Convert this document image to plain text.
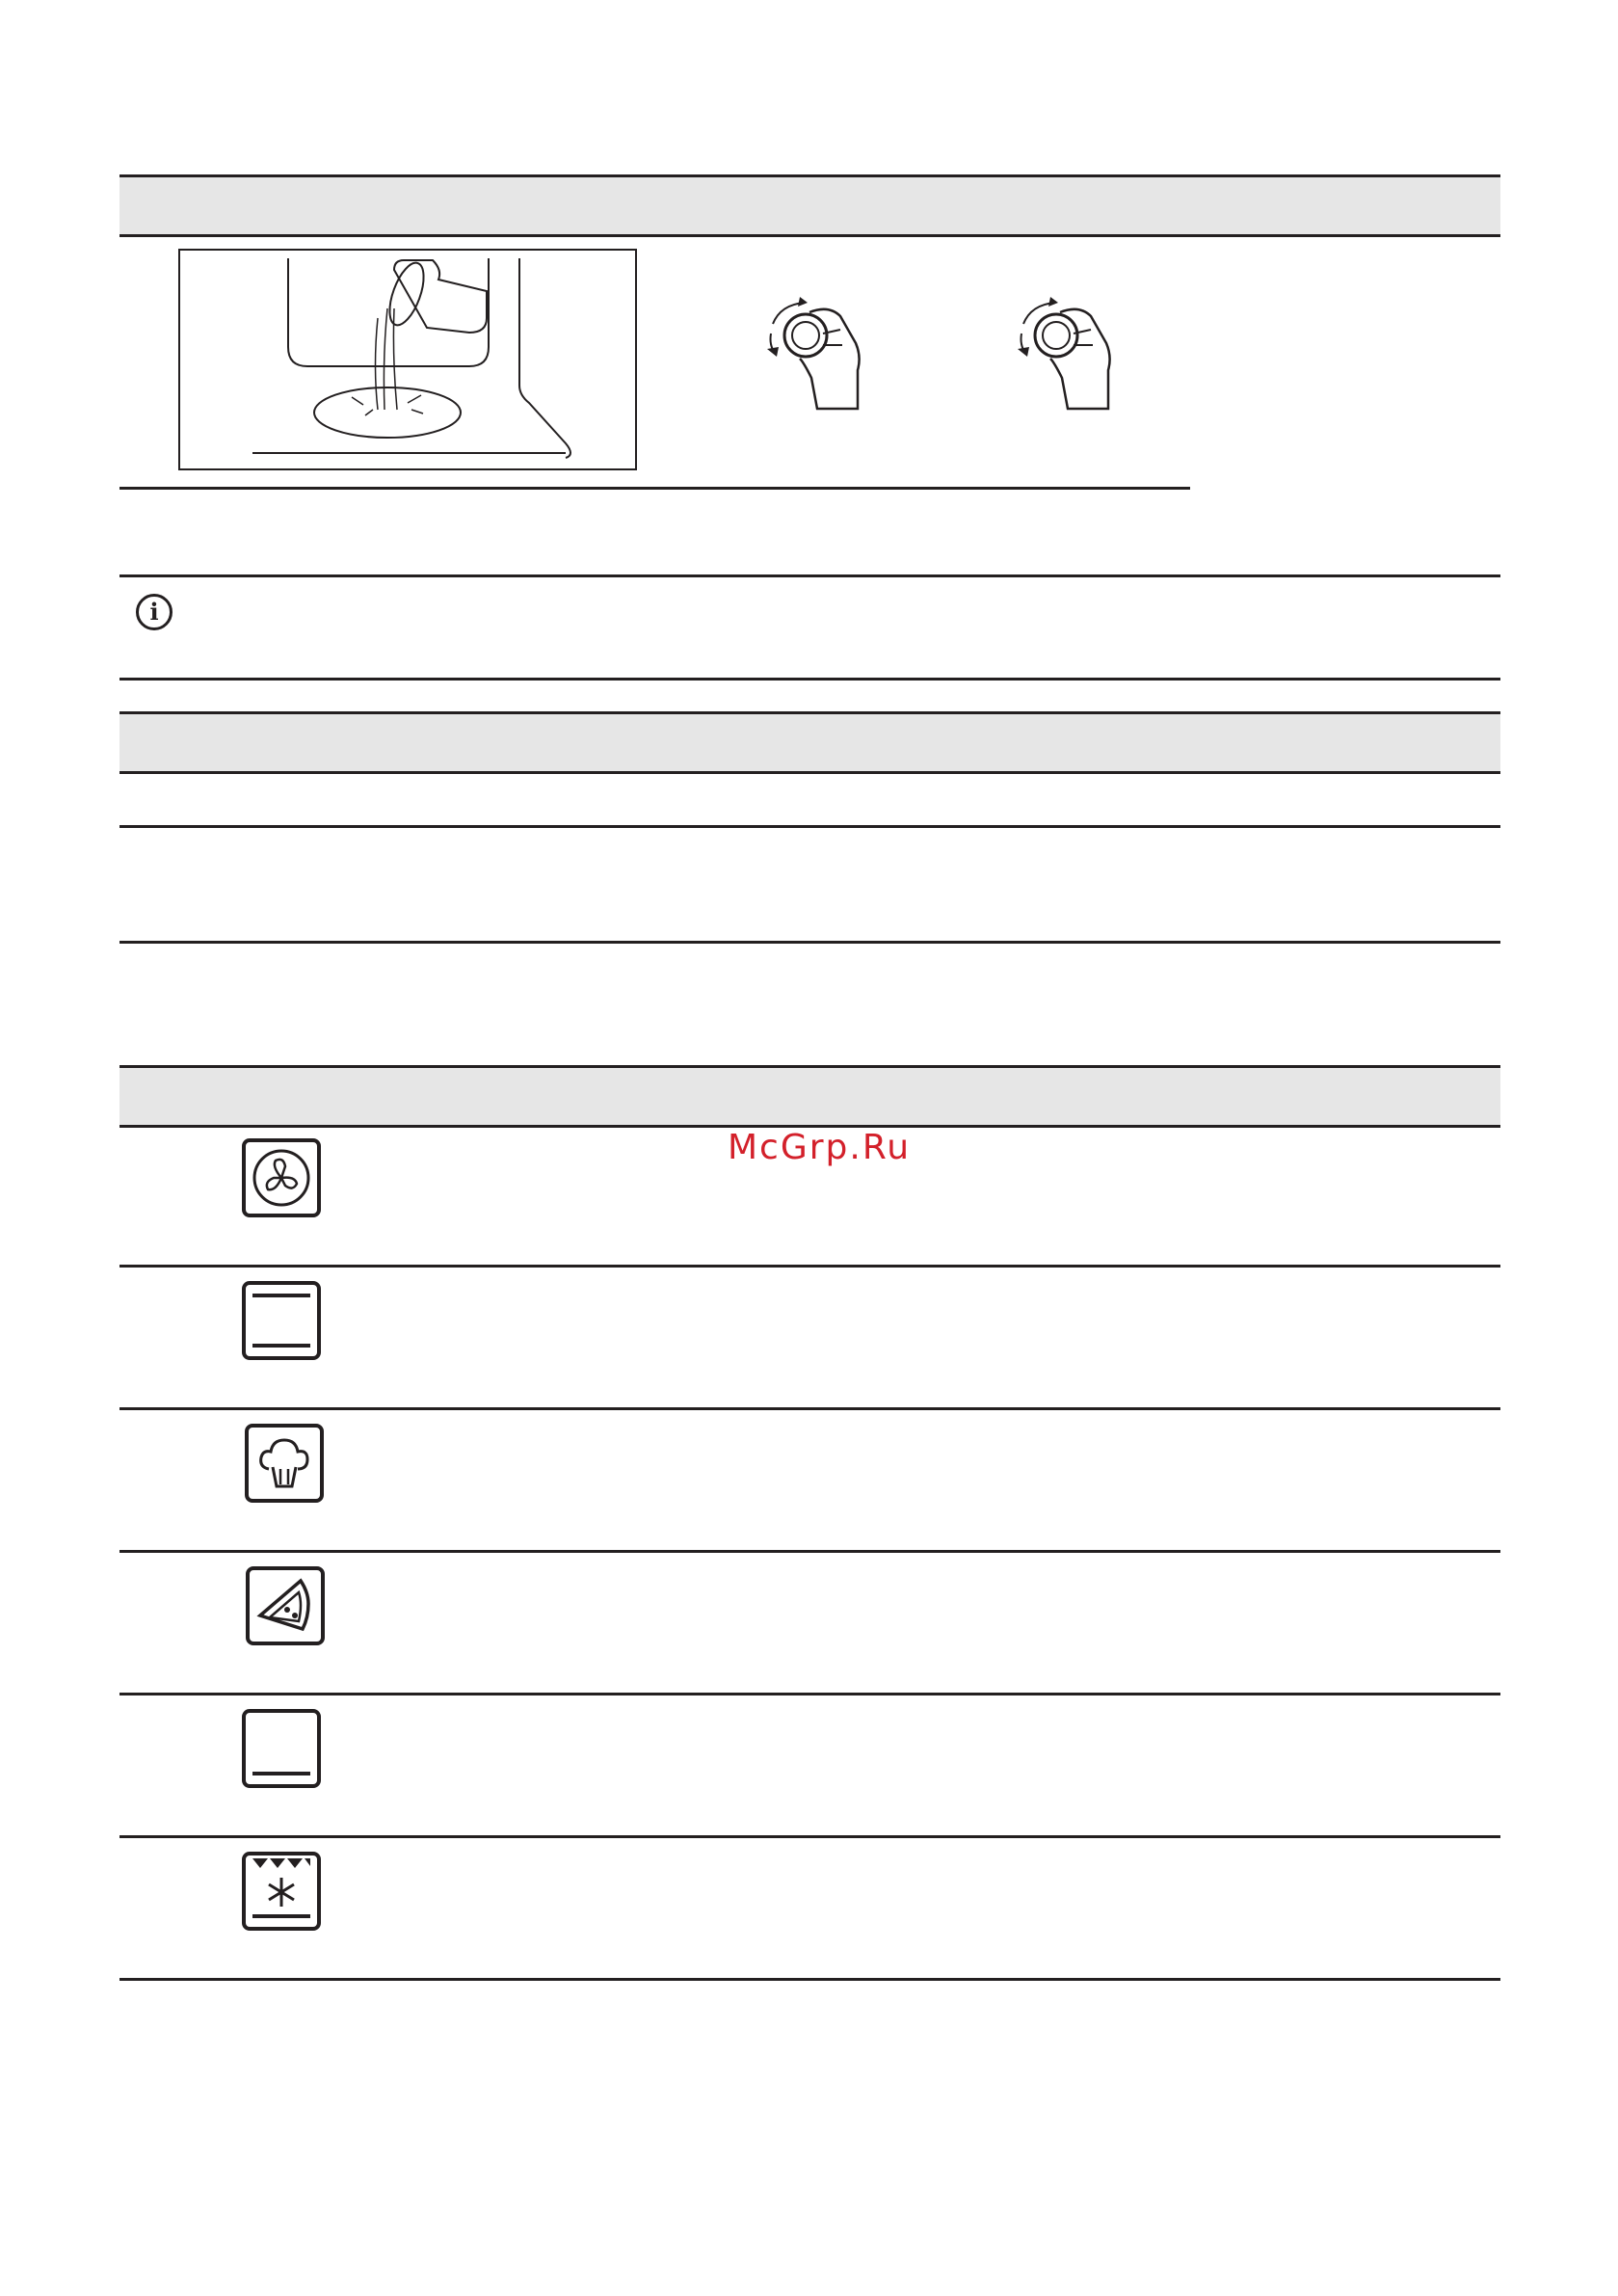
i
McGrp.Ru
